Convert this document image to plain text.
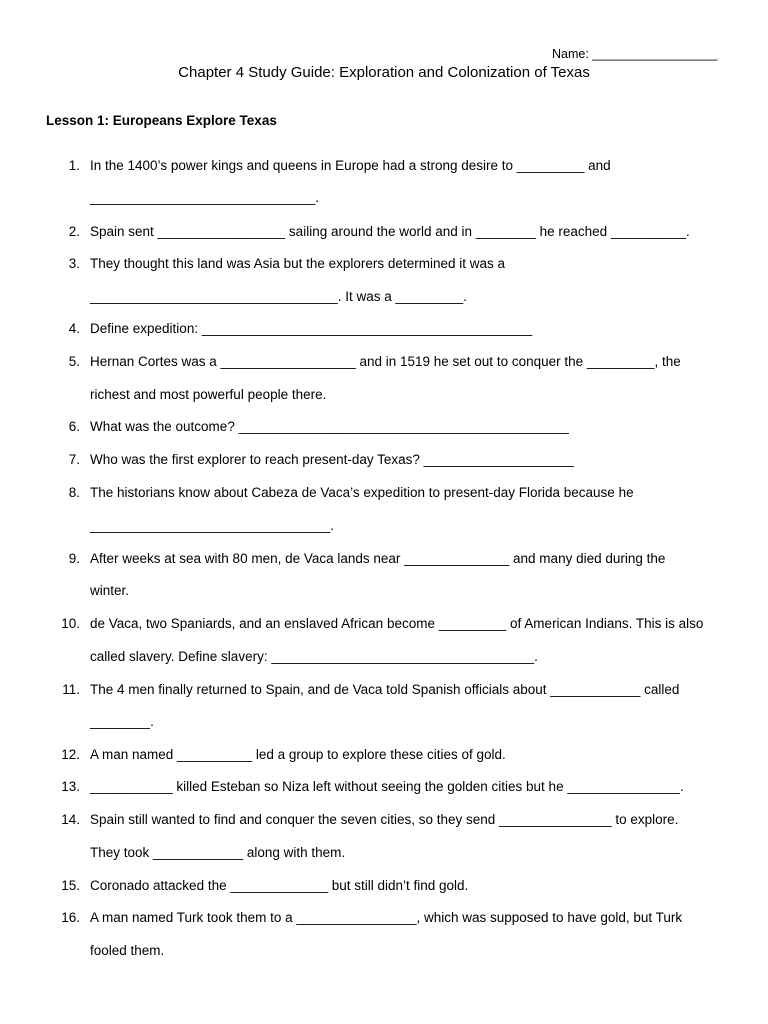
Name: __________________
Chapter 4 Study Guide: Exploration and Colonization of Texas
Lesson 1: Europeans Explore Texas
1. In the 1400’s power kings and queens in Europe had a strong desire to _________ and
______________________________.
2. Spain sent _________________ sailing around the world and in ________ he reached __________.
3. They thought this land was Asia but the explorers determined it was a
_________________________________. It was a _________.
4. Define expedition: ____________________________________________
5. Hernan Cortes was a __________________ and in 1519 he set out to conquer the _________, the
richest and most powerful people there.
6. What was the outcome? ____________________________________________
7. Who was the first explorer to reach present-day Texas? ____________________
8. The historians know about Cabeza de Vaca’s expedition to present-day Florida because he
________________________________.
9. After weeks at sea with 80 men, de Vaca lands near ______________ and many died during the
winter.
10. de Vaca, two Spaniards, and an enslaved African become _________ of American Indians. This is also
called slavery. Define slavery: ___________________________________.
11. The 4 men finally returned to Spain, and de Vaca told Spanish officials about ____________ called
________.
12. A man named __________ led a group to explore these cities of gold.
13. ___________ killed Esteban so Niza left without seeing the golden cities but he _______________.
14. Spain still wanted to find and conquer the seven cities, so they send _______________ to explore.
They took ____________ along with them.
15. Coronado attacked the _____________ but still didn’t find gold.
16. A man named Turk took them to a ________________, which was supposed to have gold, but Turk
fooled them.
